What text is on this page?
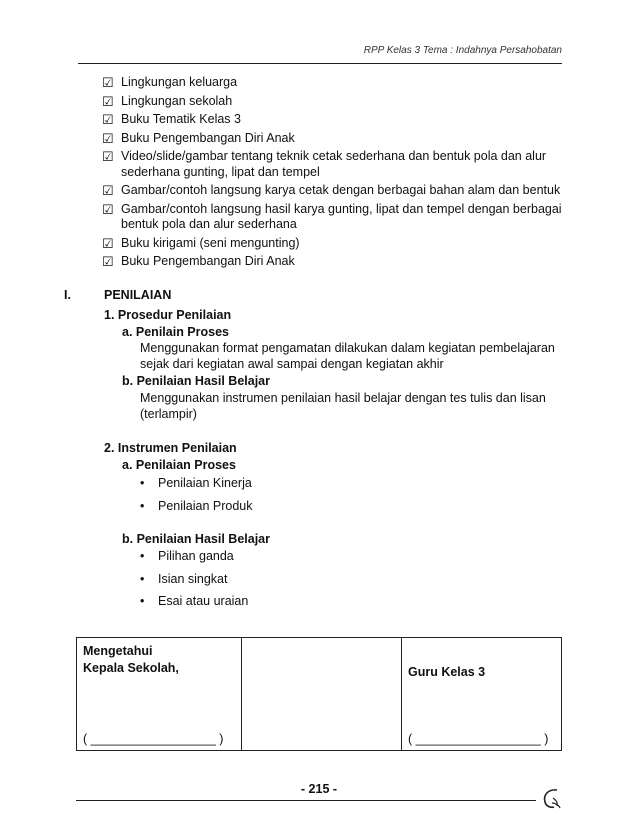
RPP Kelas 3 Tema : Indahnya Persahobatan
☑ Lingkungan keluarga
☑ Lingkungan sekolah
☑ Buku Tematik Kelas 3
☑ Buku Pengembangan Diri Anak
☑ Video/slide/gambar tentang teknik cetak sederhana dan bentuk pola dan alur sederhana gunting, lipat dan tempel
☑ Gambar/contoh langsung karya cetak dengan berbagai bahan alam dan bentuk
☑ Gambar/contoh langsung hasil karya gunting, lipat dan tempel dengan berbagai bentuk pola dan alur sederhana
☑ Buku kirigami (seni mengunting)
☑ Buku Pengembangan Diri Anak
I.	PENILAIAN
1. Prosedur Penilaian
a. Penilain Proses
Menggunakan format pengamatan dilakukan dalam kegiatan pembelajaran sejak dari kegiatan awal sampai dengan kegiatan akhir
b. Penilaian Hasil Belajar
Menggunakan instrumen penilaian hasil belajar dengan tes tulis dan lisan (terlampir)
2. Instrumen Penilaian
a. Penilaian Proses
•	Penilaian Kinerja
•	Penilaian Produk
b. Penilaian Hasil Belajar
•	Pilihan ganda
•	Isian singkat
•	Esai atau uraian
Mengetahui
Kepala Sekolah,
( __________________ )

Guru Kelas 3
( __________________ )
- 215 -
